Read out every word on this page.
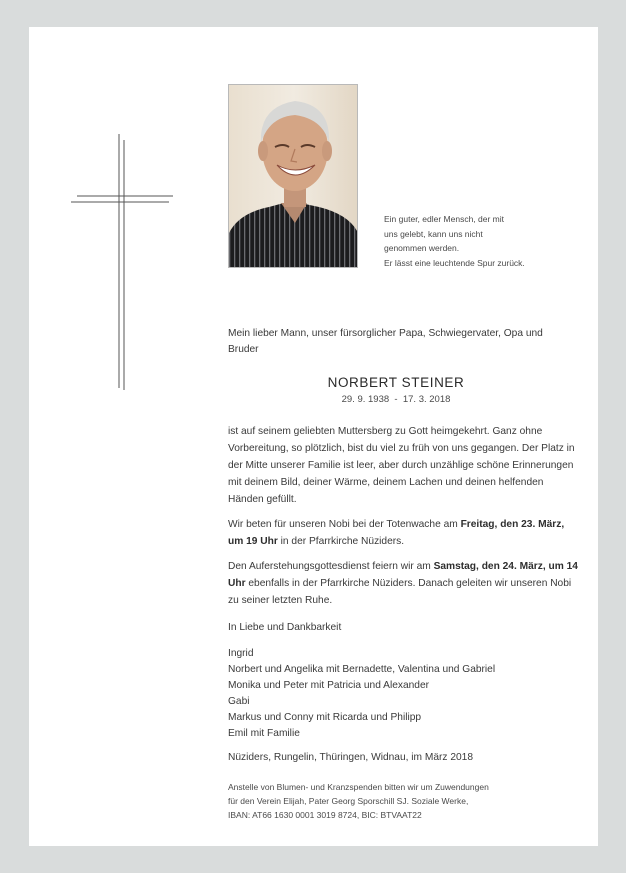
Ein guter, edler Mensch, der mit
uns gelebt, kann uns nicht
genommen werden.
Er lässt eine leuchtende Spur zurück.
Mein lieber Mann, unser fürsorglicher Papa, Schwiegervater, Opa und Bruder
NORBERT STEINER
29. 9. 1938  -  17. 3. 2018
ist auf seinem geliebten Muttersberg zu Gott heimgekehrt. Ganz ohne Vorbereitung, so plötzlich, bist du viel zu früh von uns gegangen. Der Platz in der Mitte unserer Familie ist leer, aber durch unzählige schöne Erinnerungen mit deinem Bild, deiner Wärme, deinem Lachen und deinen helfenden Händen gefüllt.
Wir beten für unseren Nobi bei der Totenwache am Freitag, den 23. März, um 19 Uhr in der Pfarrkirche Nüziders.
Den Auferstehungsgottesdienst feiern wir am Samstag, den 24. März, um 14 Uhr ebenfalls in der Pfarrkirche Nüziders. Danach geleiten wir unseren Nobi zu seiner letzten Ruhe.
In Liebe und Dankbarkeit
Ingrid
Norbert und Angelika mit Bernadette, Valentina und Gabriel
Monika und Peter mit Patricia und Alexander
Gabi
Markus und Conny mit Ricarda und Philipp
Emil mit Familie
Nüziders, Rungelin, Thüringen, Widnau, im März 2018
Anstelle von Blumen- und Kranzspenden bitten wir um Zuwendungen
für den Verein Elijah, Pater Georg Sporschill SJ. Soziale Werke,
IBAN: AT66 1630 0001 3019 8724, BIC: BTVAAT22
